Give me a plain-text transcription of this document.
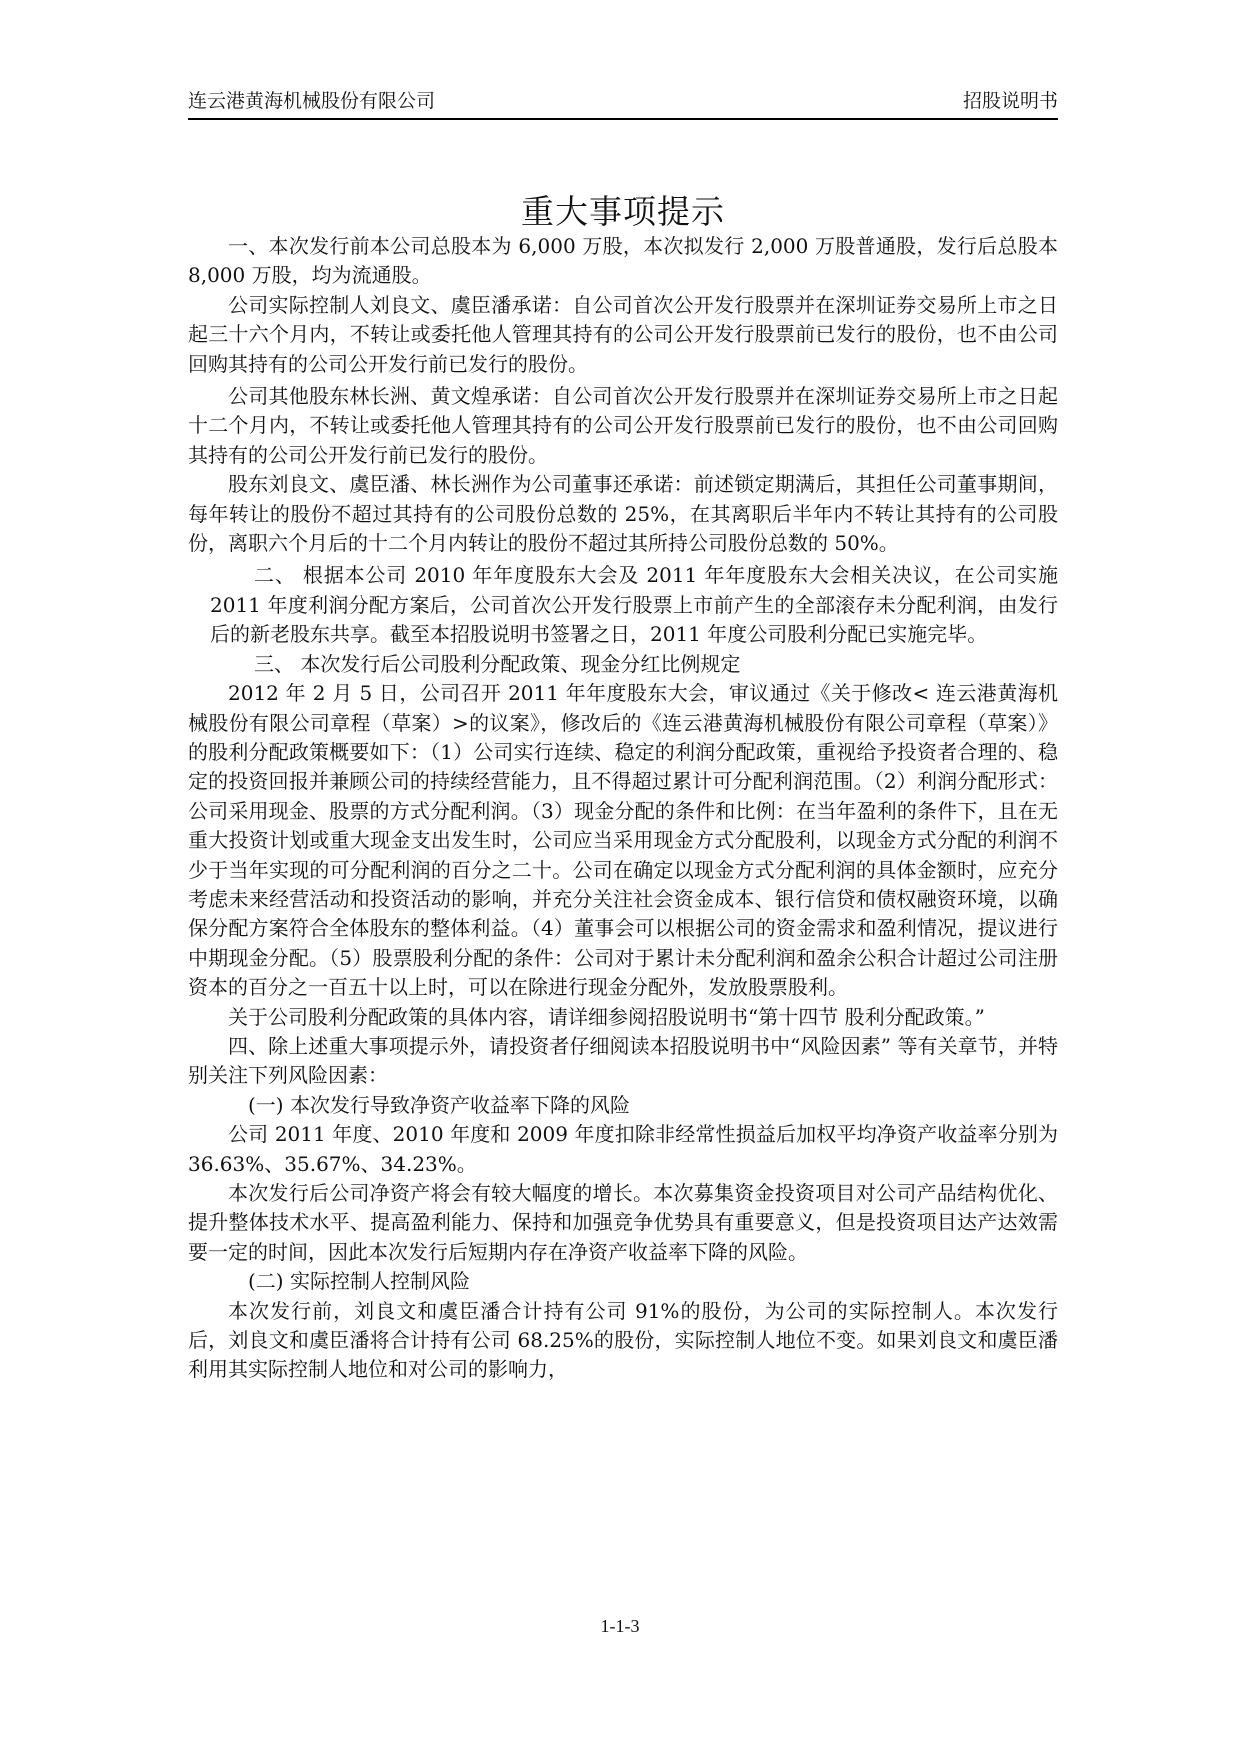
连云港黄海机械股份有限公司	招股说明书
重大事项提示

一、本次发行前本公司总股本为 6,000 万股，本次拟发行 2,000 万股普通股，发行后总股本 8,000 万股，均为流通股。

公司实际控制人刘良文、虞臣潘承诺：自公司首次公开发行股票并在深圳证券交易所上市之日起三十六个月内，不转让或委托他人管理其持有的公司公开发行股票前已发行的股份，也不由公司回购其持有的公司公开发行前已发行的股份。

公司其他股东林长洲、黄文煌承诺：自公司首次公开发行股票并在深圳证券交易所上市之日起十二个月内，不转让或委托他人管理其持有的公司公开发行股票前已发行的股份，也不由公司回购其持有的公司公开发行前已发行的股份。

股东刘良文、虞臣潘、林长洲作为公司董事还承诺：前述锁定期满后，其担任公司董事期间，每年转让的股份不超过其持有的公司股份总数的 25%，在其离职后半年内不转让其持有的公司股份，离职六个月后的十二个月内转让的股份不超过其所持公司股份总数的 50%。

二、 根据本公司 2010 年年度股东大会及 2011 年年度股东大会相关决议，在公司实施 2011 年度利润分配方案后，公司首次公开发行股票上市前产生的全部滚存未分配利润，由发行后的新老股东共享。截至本招股说明书签署之日，2011 年度公司股利分配已实施完毕。

三、 本次发行后公司股利分配政策、现金分红比例规定

2012 年 2 月 5 日，公司召开 2011 年年度股东大会，审议通过《关于修改< 连云港黄海机械股份有限公司章程（草案）>的议案》，修改后的《连云港黄海机械股份有限公司章程（草案）》的股利分配政策概要如下：（1）公司实行连续、稳定的利润分配政策，重视给予投资者合理的、稳定的投资回报并兼顾公司的持续经营能力，且不得超过累计可分配利润范围。（2）利润分配形式：公司采用现金、股票的方式分配利润。（3）现金分配的条件和比例：在当年盈利的条件下，且在无重大投资计划或重大现金支出发生时，公司应当采用现金方式分配股利，以现金方式分配的利润不少于当年实现的可分配利润的百分之二十。公司在确定以现金方式分配利润的具体金额时，应充分考虑未来经营活动和投资活动的影响，并充分关注社会资金成本、银行信贷和债权融资环境，以确保分配方案符合全体股东的整体利益。（4）董事会可以根据公司的资金需求和盈利情况，提议进行中期现金分配。（5）股票股利分配的条件：公司对于累计未分配利润和盈余公积合计超过公司注册资本的百分之一百五十以上时，可以在除进行现金分配外，发放股票股利。

关于公司股利分配政策的具体内容，请详细参阅招股说明书“第十四节 股利分配政策。”

四、除上述重大事项提示外，请投资者仔细阅读本招股说明书中“风险因素” 等有关章节，并特别关注下列风险因素：

(一) 本次发行导致净资产收益率下降的风险

公司 2011 年度、2010 年度和 2009 年度扣除非经常性损益后加权平均净资产收益率分别为 36.63%、35.67%、34.23%。

本次发行后公司净资产将会有较大幅度的增长。本次募集资金投资项目对公司产品结构优化、提升整体技术水平、提高盈利能力、保持和加强竞争优势具有重要意义，但是投资项目达产达效需要一定的时间，因此本次发行后短期内存在净资产收益率下降的风险。

(二) 实际控制人控制风险

本次发行前，刘良文和虞臣潘合计持有公司 91%的股份，为公司的实际控制人。本次发行后，刘良文和虞臣潘将合计持有公司 68.25%的股份，实际控制人地位不变。如果刘良文和虞臣潘利用其实际控制人地位和对公司的影响力，

1-1-3
